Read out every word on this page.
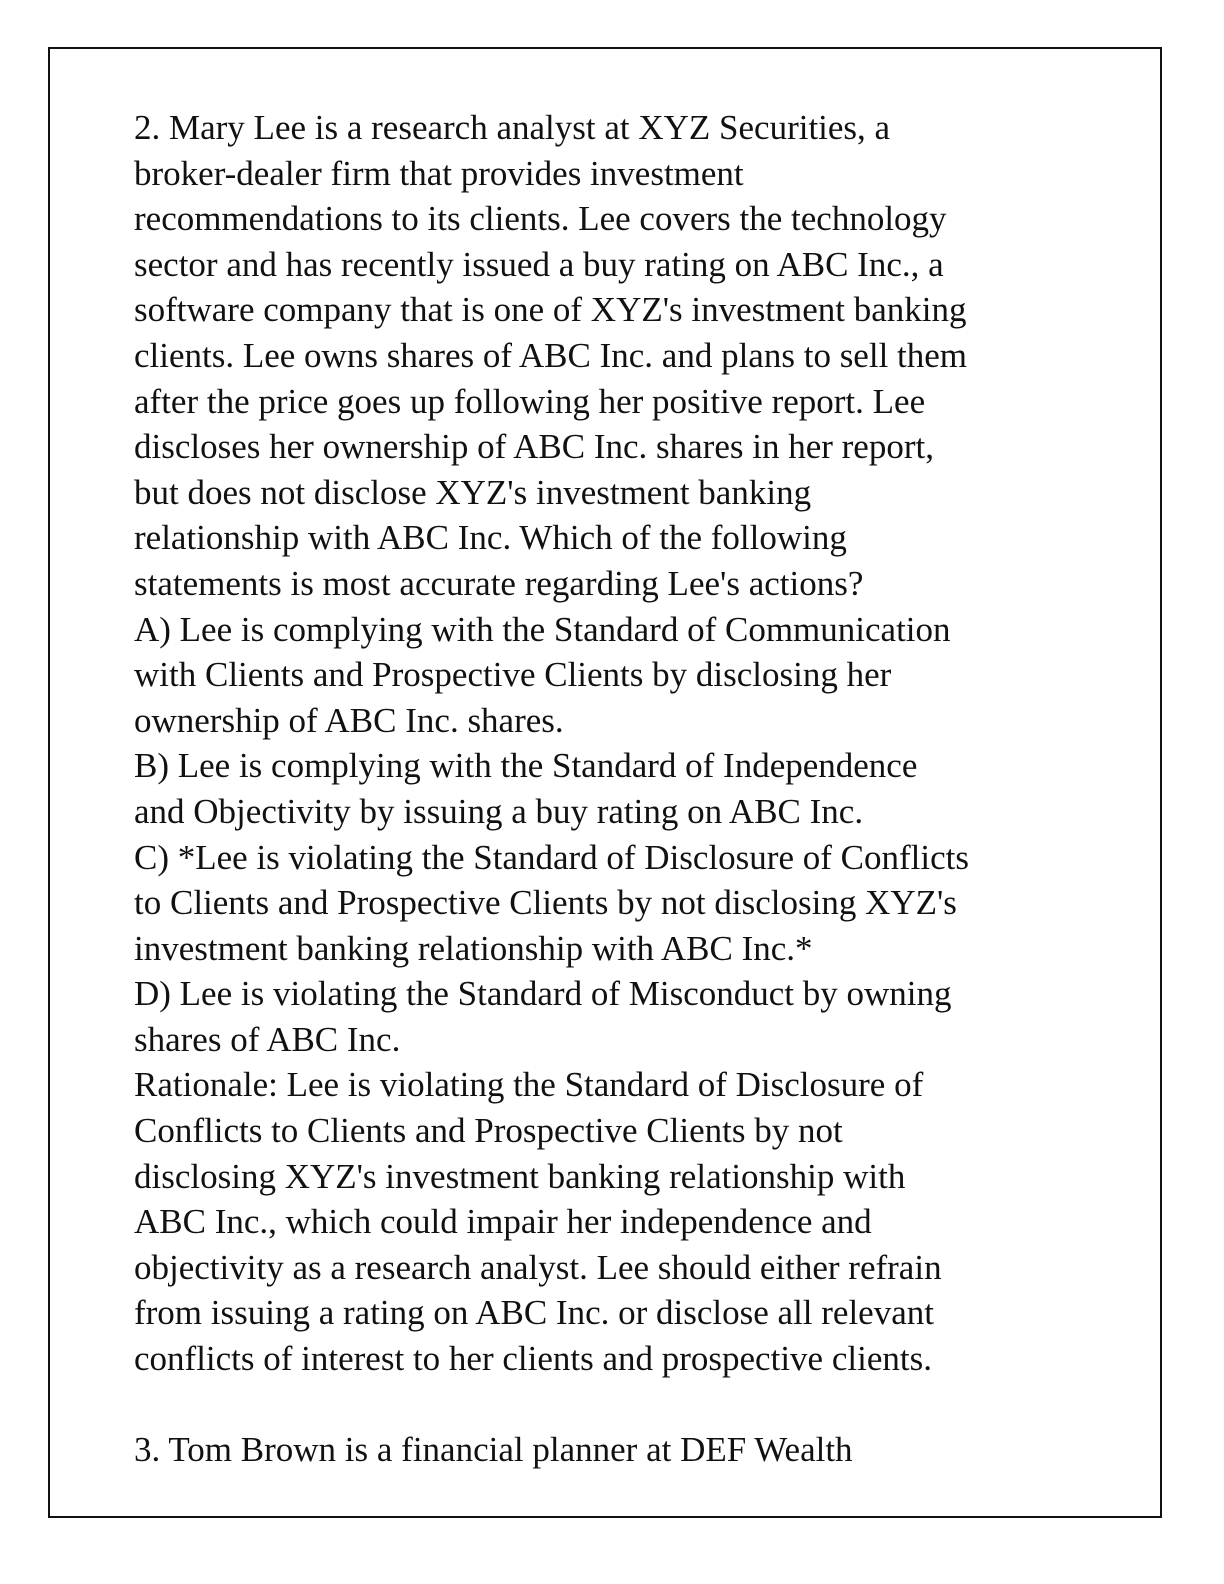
2. Mary Lee is a research analyst at XYZ Securities, a
broker-dealer firm that provides investment
recommendations to its clients. Lee covers the technology
sector and has recently issued a buy rating on ABC Inc., a
software company that is one of XYZ's investment banking
clients. Lee owns shares of ABC Inc. and plans to sell them
after the price goes up following her positive report. Lee
discloses her ownership of ABC Inc. shares in her report,
but does not disclose XYZ's investment banking
relationship with ABC Inc. Which of the following
statements is most accurate regarding Lee's actions?
A) Lee is complying with the Standard of Communication
with Clients and Prospective Clients by disclosing her
ownership of ABC Inc. shares.
B) Lee is complying with the Standard of Independence
and Objectivity by issuing a buy rating on ABC Inc.
C) *Lee is violating the Standard of Disclosure of Conflicts
to Clients and Prospective Clients by not disclosing XYZ's
investment banking relationship with ABC Inc.*
D) Lee is violating the Standard of Misconduct by owning
shares of ABC Inc.
Rationale: Lee is violating the Standard of Disclosure of
Conflicts to Clients and Prospective Clients by not
disclosing XYZ's investment banking relationship with
ABC Inc., which could impair her independence and
objectivity as a research analyst. Lee should either refrain
from issuing a rating on ABC Inc. or disclose all relevant
conflicts of interest to her clients and prospective clients.
3. Tom Brown is a financial planner at DEF Wealth
